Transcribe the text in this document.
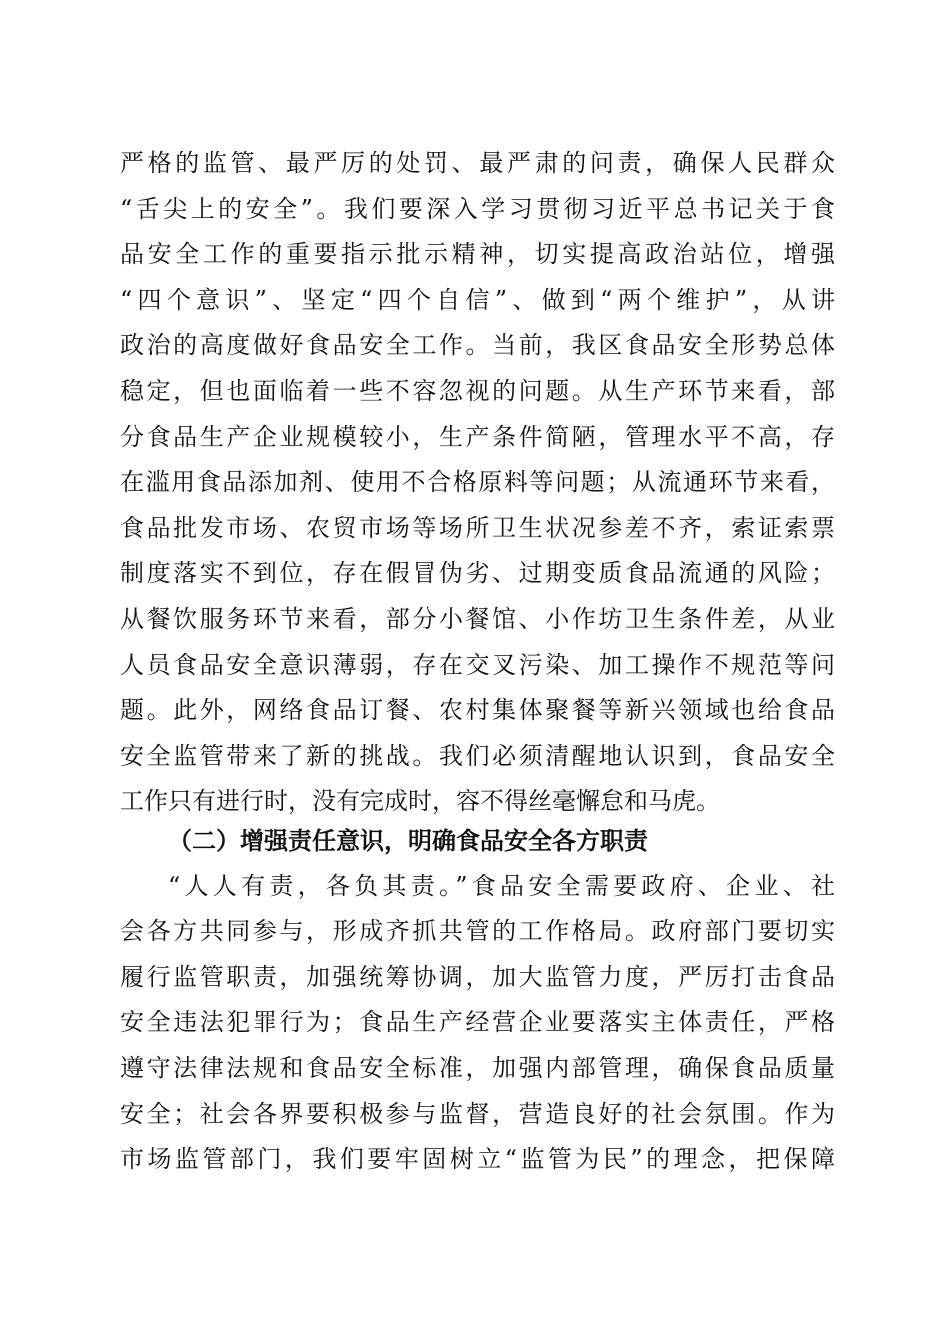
严格的监管、最严厉的处罚、最严肃的问责，确保人民群众
“舌尖上的安全”。我们要深入学习贯彻习近平总书记关于食
品安全工作的重要指示批示精神，切实提高政治站位，增强
“四个意识”、坚定“四个自信”、做到“两个维护”，从讲
政治的高度做好食品安全工作。当前，我区食品安全形势总体
稳定，但也面临着一些不容忽视的问题。从生产环节来看，部
分食品生产企业规模较小，生产条件简陋，管理水平不高，存
在滥用食品添加剂、使用不合格原料等问题；从流通环节来看，
食品批发市场、农贸市场等场所卫生状况参差不齐，索证索票
制度落实不到位，存在假冒伪劣、过期变质食品流通的风险；
从餐饮服务环节来看，部分小餐馆、小作坊卫生条件差，从业
人员食品安全意识薄弱，存在交叉污染、加工操作不规范等问
题。此外，网络食品订餐、农村集体聚餐等新兴领域也给食品
安全监管带来了新的挑战。我们必须清醒地认识到，食品安全
工作只有进行时，没有完成时，容不得丝毫懈怠和马虎。
（二）增强责任意识，明确食品安全各方职责
“人人有责，各负其责。”食品安全需要政府、企业、社
会各方共同参与，形成齐抓共管的工作格局。政府部门要切实
履行监管职责，加强统筹协调，加大监管力度，严厉打击食品
安全违法犯罪行为；食品生产经营企业要落实主体责任，严格
遵守法律法规和食品安全标准，加强内部管理，确保食品质量
安全；社会各界要积极参与监督，营造良好的社会氛围。作为
市场监管部门，我们要牢固树立“监管为民”的理念，把保障
